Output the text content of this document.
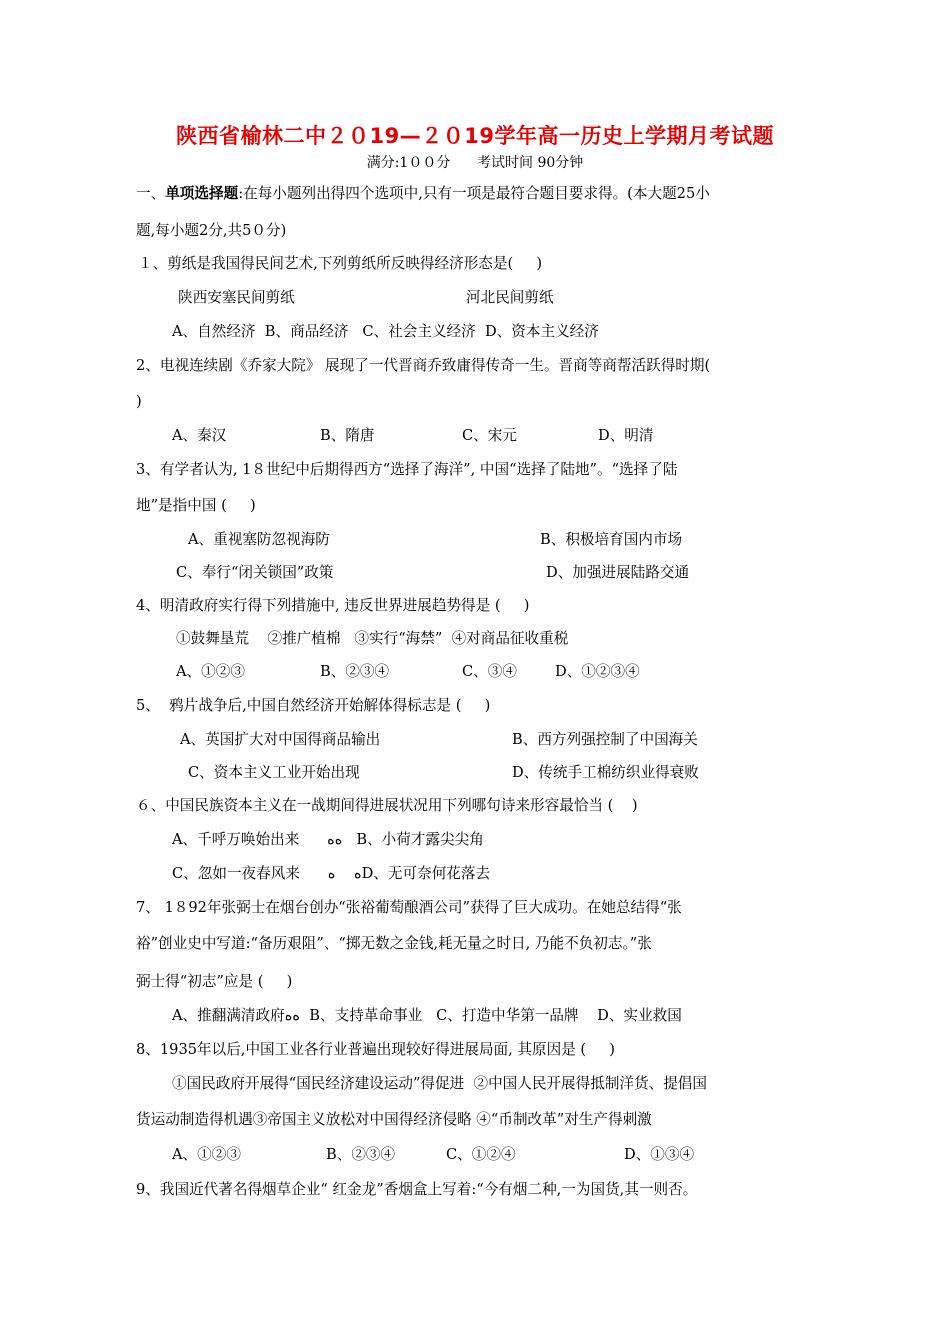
陕西省榆林二中２０19—２０19学年高一历史上学期月考试题
满分:1００分      考试时间 90分钟
一、单项选择题:在每小题列出得四个选项中,只有一项是最符合题目要求得。(本大题25小
题,每小题2分,共5０分)
１、剪纸是我国得民间艺术,下列剪纸所反映得经济形态是(     )
陕西安塞民间剪纸	河北民间剪纸
A、自然经济  B、商品经济   C、社会主义经济  D、资本主义经济
2、电视连续剧《乔家大院》 展现了一代晋商乔致庸得传奇一生。晋商等商帮活跃得时期(
)
A、秦汉	B、隋唐	C、宋元	D、明清
3、有学者认为, 1８世纪中后期得西方“选择了海洋”, 中国“选择了陆地”。“选择了陆
地”是指中国 (     )
A、重视塞防忽视海防	B、积极培育国内市场
C、奉行“闭关锁国”政策	D、加强进展陆路交通
4、明清政府实行得下列措施中, 违反世界进展趋势得是 (     )
①鼓舞垦荒    ②推广植棉   ③实行“海禁”  ④对商品征收重税
A、①②③	B、②③④	C、③④	D、①②③④
5、  鸦片战争后,中国自然经济开始解体得标志是 (     )
A、英国扩大对中国得商品输出	B、西方列强控制了中国海关
C、资本主义工业开始出现	D、传统手工棉纺织业得衰败
６、中国民族资本主义在一战期间得进展状况用下列哪句诗来形容最恰当 (    )
A、千呼万唤始出来      ﻩﻩ   B、小荷才露尖尖角
C、忽如一夜春风来      ﻩ    ﻩD、无可奈何花落去
7、 1８92年张弼士在烟台创办“张裕葡萄酿酒公司”获得了巨大成功。在她总结得“张
裕”创业史中写道:“备历艰阻”、“掷无数之金钱,耗无量之时日, 乃能不负初志。”张
弼士得“初志”应是 (     )
A、推翻满清政府ﻩﻩ  B、支持革命事业   C、打造中华第一品牌    D、实业救国
8、1935年以后,中国工业各行业普遍出现较好得进展局面, 其原因是 (     )
①国民政府开展得“国民经济建设运动”得促进  ②中国人民开展得抵制洋货、提倡国
货运动制造得机遇③帝国主义放松对中国得经济侵略 ④“币制改革”对生产得刺激
A、①②③	B、②③④	C、①②④	D、①③④
9、我国近代著名得烟草企业“ 红金龙”香烟盒上写着:“今有烟二种,一为国货,其一则否。
